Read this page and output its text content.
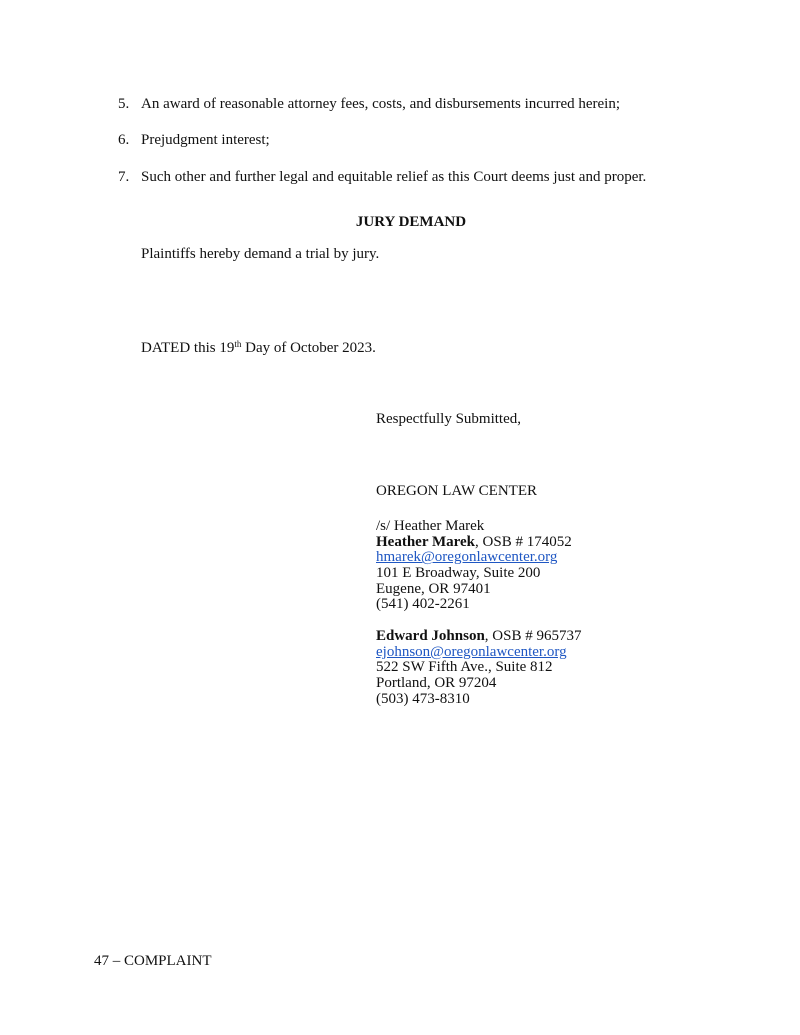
5. An award of reasonable attorney fees, costs, and disbursements incurred herein;
6. Prejudgment interest;
7. Such other and further legal and equitable relief as this Court deems just and proper.
JURY DEMAND
Plaintiffs hereby demand a trial by jury.
DATED this 19th Day of October 2023.
Respectfully Submitted,
OREGON LAW CENTER
/s/ Heather Marek
Heather Marek, OSB # 174052
hmarek@oregonlawcenter.org
101 E Broadway, Suite 200
Eugene, OR 97401
(541) 402-2261
Edward Johnson, OSB # 965737
ejohnson@oregonlawcenter.org
522 SW Fifth Ave., Suite 812
Portland, OR 97204
(503) 473-8310
47 – COMPLAINT
